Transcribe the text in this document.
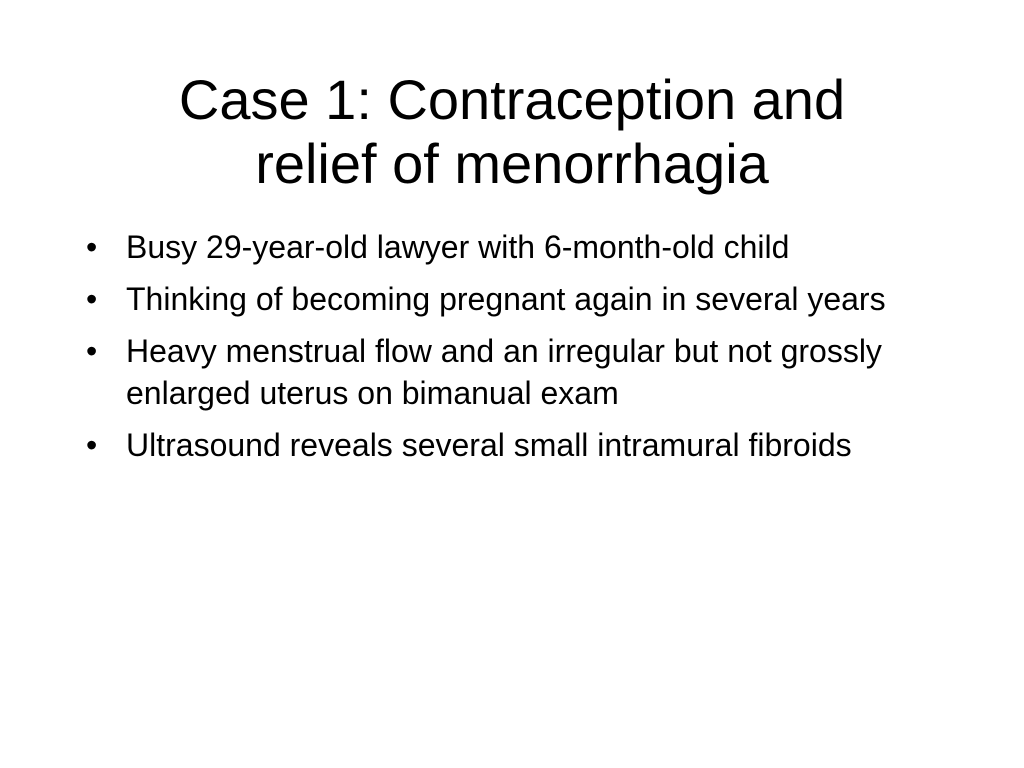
Case 1: Contraception and
relief of menorrhagia
• Busy 29-year-old lawyer with 6-month-old child
• Thinking of becoming pregnant again in several years
• Heavy menstrual flow and an irregular but not grossly enlarged uterus on bimanual exam
• Ultrasound reveals several small intramural fibroids
